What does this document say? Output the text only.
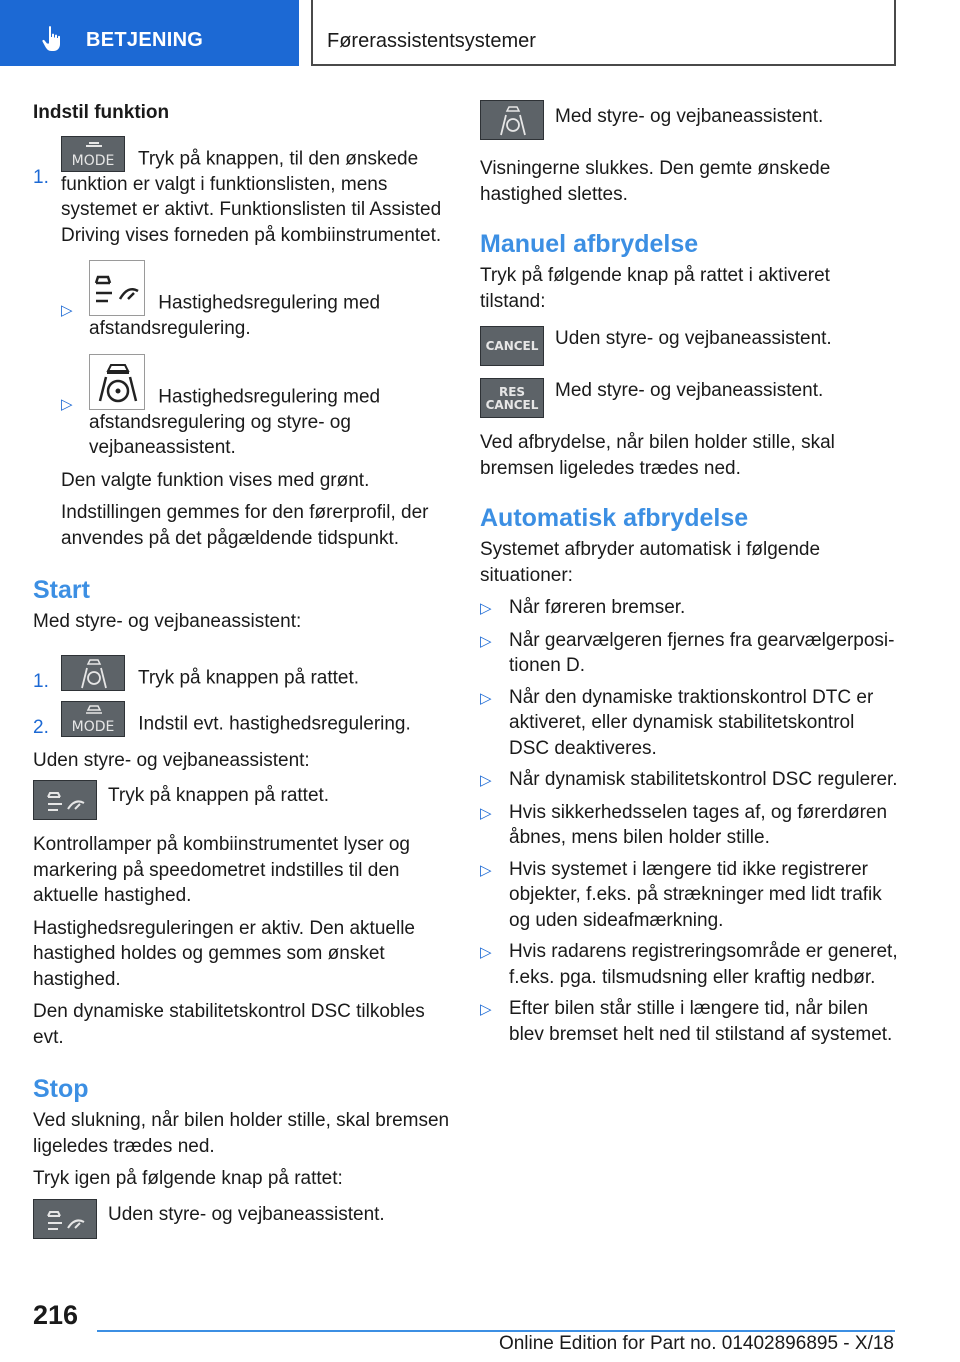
BETJENING	Førerassistentsystemer

Indstil funktion

1.
MODE	Tryk på knappen, til den ønskede funktion er valgt i funktionslisten, mens systemet er aktivt. Funktionslisten til Assisted Driving vises forneden på kombiinstrumentet.
▷	Hastighedsregulering med afstandsregulering.
▷	Hastighedsregulering med afstandsregulering og styre- og vejbaneassistent.

Den valgte funktion vises med grønt.

Indstillingen gemmes for den førerprofil, der anvendes på det pågældende tidspunkt.

Start

Med styre- og vejbaneassistent:

1.	Tryk på knappen på rattet.
2.	MODE	Indstil evt. hastighedsregulering.

Uden styre- og vejbaneassistent:

Tryk på knappen på rattet.

Kontrollamper på kombiinstrumentet lyser og markering på speedometret indstilles til den aktuelle hastighed.

Hastighedsreguleringen er aktiv. Den aktuelle hastighed holdes og gemmes som ønsket hastighed.

Den dynamiske stabilitetskontrol DSC tilkobles evt.

Stop

Ved slukning, når bilen holder stille, skal bremsen ligeledes trædes ned.

Tryk igen på følgende knap på rattet:

Uden styre- og vejbaneassistent.
Med styre- og vejbaneassistent.

Visningerne slukkes. Den gemte ønskede hastighed slettes.

Manuel afbrydelse

Tryk på følgende knap på rattet i aktiveret tilstand:

CANCEL Uden styre- og vejbaneassistent.
RES
CANCEL
Med styre- og vejbaneassistent.

Ved afbrydelse, når bilen holder stille, skal bremsen ligeledes trædes ned.

Automatisk afbrydelse

Systemet afbryder automatisk i følgende situationer:

▷ Når føreren bremser.
▷ Når gearvælgeren fjernes fra gearvælgerpositionen D.
▷ Når den dynamiske traktionskontrol DTC er aktiveret, eller dynamisk stabilitetskontrol DSC deaktiveres.
▷ Når dynamisk stabilitetskontrol DSC regulerer.
▷ Hvis sikkerhedsselen tages af, og førerdøren åbnes, mens bilen holder stille.
▷ Hvis systemet i længere tid ikke registrerer objekter, f.eks. på strækninger med lidt trafik og uden sideafmærkning.
▷ Hvis radarens registreringsområde er generet, f.eks. pga. tilsmudsning eller kraftig nedbør.
▷ Efter bilen står stille i længere tid, når bilen blev bremset helt ned til stilstand af systemet.
216
Online Edition for Part no. 01402896895 - X/18
